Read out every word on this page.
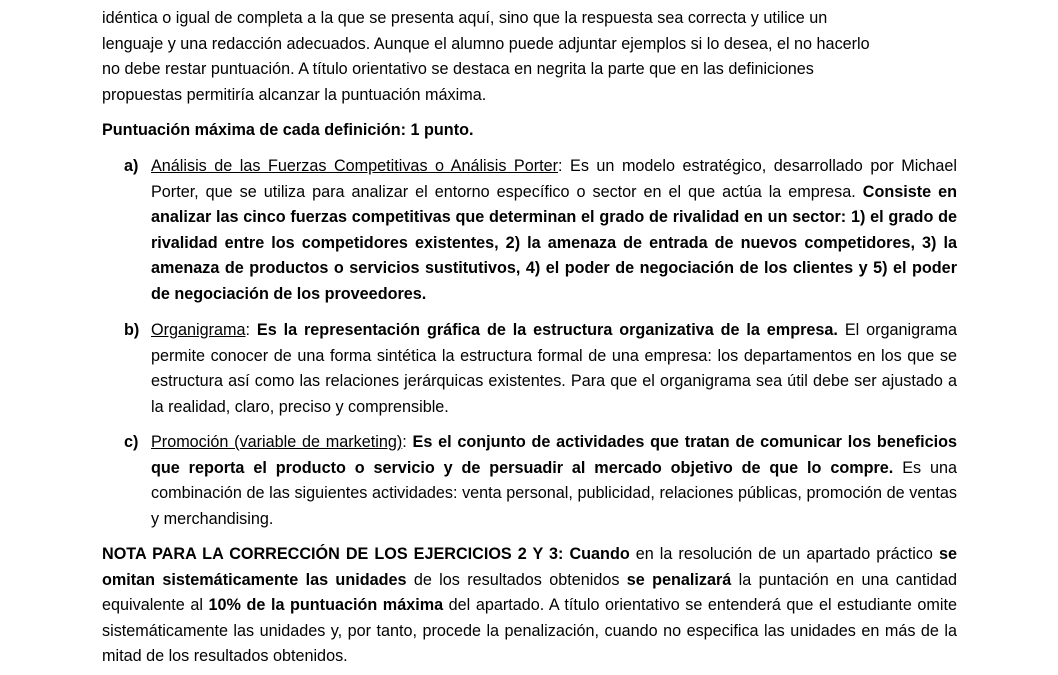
idéntica o igual de completa a la que se presenta aquí, sino que la respuesta sea correcta y utilice un
lenguaje y una redacción adecuados. Aunque el alumno puede adjuntar ejemplos si lo desea, el no hacerlo
no debe restar puntuación. A título orientativo se destaca en negrita la parte que en las definiciones
propuestas permitiría alcanzar la puntuación máxima.
Puntuación máxima de cada definición: 1 punto.
a) Análisis de las Fuerzas Competitivas o Análisis Porter: Es un modelo estratégico, desarrollado por Michael Porter, que se utiliza para analizar el entorno específico o sector en el que actúa la empresa. Consiste en analizar las cinco fuerzas competitivas que determinan el grado de rivalidad en un sector: 1) el grado de rivalidad entre los competidores existentes, 2) la amenaza de entrada de nuevos competidores, 3) la amenaza de productos o servicios sustitutivos, 4) el poder de negociación de los clientes y 5) el poder de negociación de los proveedores.
b) Organigrama: Es la representación gráfica de la estructura organizativa de la empresa. El organigrama permite conocer de una forma sintética la estructura formal de una empresa: los departamentos en los que se estructura así como las relaciones jerárquicas existentes. Para que el organigrama sea útil debe ser ajustado a la realidad, claro, preciso y comprensible.
c) Promoción (variable de marketing): Es el conjunto de actividades que tratan de comunicar los beneficios que reporta el producto o servicio y de persuadir al mercado objetivo de que lo compre. Es una combinación de las siguientes actividades: venta personal, publicidad, relaciones públicas, promoción de ventas y merchandising.
NOTA PARA LA CORRECCIÓN DE LOS EJERCICIOS 2 Y 3: Cuando en la resolución de un apartado práctico se omitan sistemáticamente las unidades de los resultados obtenidos se penalizará la puntación en una cantidad equivalente al 10% de la puntuación máxima del apartado. A título orientativo se entenderá que el estudiante omite sistemáticamente las unidades y, por tanto, procede la penalización, cuando no especifica las unidades en más de la mitad de los resultados obtenidos.
